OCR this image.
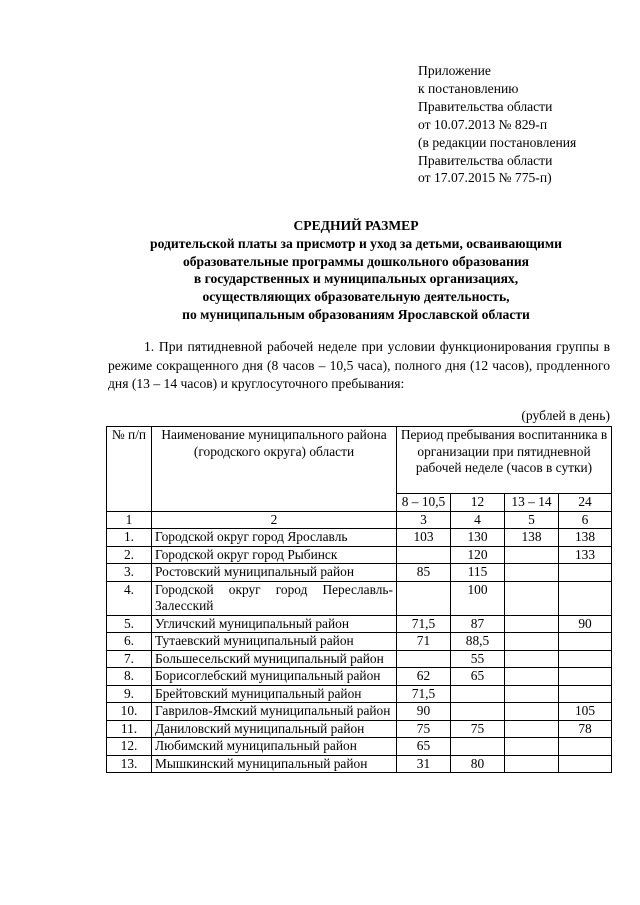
Приложение
к постановлению
Правительства области
от 10.07.2013 № 829-п
(в редакции постановления
Правительства области
от 17.07.2015 № 775-п)
СРЕДНИЙ РАЗМЕР
родительской платы за присмотр и уход за детьми, осваивающими
образовательные программы дошкольного образования
в государственных и муниципальных организациях,
осуществляющих образовательную деятельность,
по муниципальным образованиям Ярославской области

1. При пятидневной рабочей неделе при условии функционирования группы в режиме сокращенного дня (8 часов – 10,5 часа), полного дня (12 часов), продленного дня (13 – 14 часов) и круглосуточного пребывания:

(рублей в день)
№ п/п	Наименование муниципального района (городского округа) области	Период пребывания воспитанника в организации при пятидневной рабочей неделе (часов в сутки)			
		8 – 10,5	12	13 – 14	24
1	2	3	4	5	6
1.	Городской округ город Ярославль	103	130	138	138
2.	Городской округ город Рыбинск		120		133
3.	Ростовский муниципальный район	85	115		
4.	Городской округ город Переславль-Залесский		100		
5.	Угличский муниципальный район	71,5	87		90
6.	Тутаевский муниципальный район	71	88,5		
7.	Большесельский муниципальный район		55		
8.	Борисоглебский муниципальный район	62	65		
9.	Брейтовский муниципальный район	71,5			
10.	Гаврилов-Ямский муниципальный район	90			105
11.	Даниловский муниципальный район	75	75		78
12.	Любимский муниципальный район	65			
13.	Мышкинский муниципальный район	31	80		
